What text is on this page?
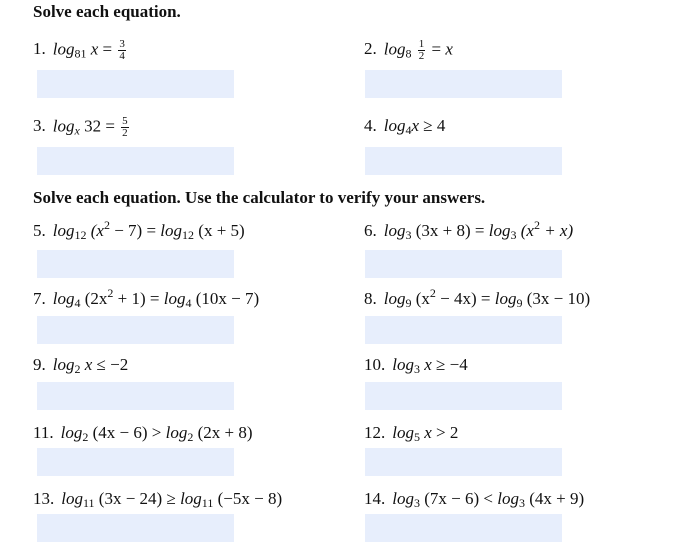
Solve each equation.
1. $\log_{81} x = \frac{3}{4}$	2. $\log_8 \frac{1}{2} = x$
3. $\log_x 32 = \frac{5}{2}$	4. $\log_4x \ge 4$
Solve each equation. Use the calculator to verify your answers.
5. $\log_{12} (x^2 - 7) = \log_{12} (x + 5)$	6. $\log_3 (3x + 8) = \log_3 (x^2 + x)$
7. $\log_4 (2x^2 + 1) = \log_4 (10x - 7)$	8. $\log_9 (x^2 - 4x) = \log_9 (3x - 10)$
9. $\log_2 x \le -2$	10. $\log_3 x \ge -4$
11. $\log_2 (4x - 6) > \log_2 (2x + 8)$	12. $\log_5 x > 2$
13. $\log_{11} (3x - 24) \ge \log_{11} (-5x - 8)$	14. $\log_3 (7x - 6) < \log_3 (4x + 9)$
